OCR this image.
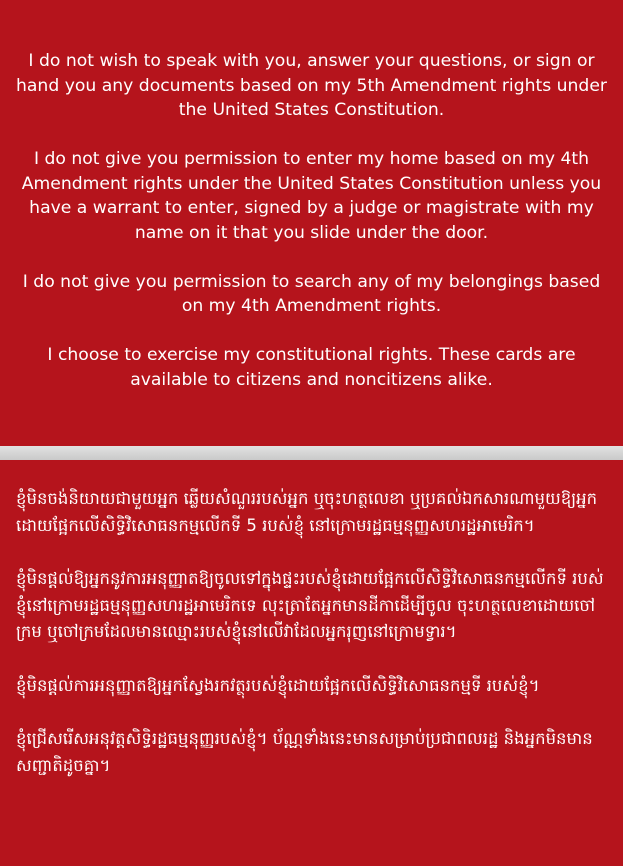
I do not wish to speak with you, answer your questions, or sign or hand you any documents based on my 5th Amendment rights under the United States Constitution.

I do not give you permission to enter my home based on my 4th Amendment rights under the United States Constitution unless you have a warrant to enter, signed by a judge or magistrate with my name on it that you slide under the door.

I do not give you permission to search any of my belongings based on my 4th Amendment rights.

I choose to exercise my constitutional rights. These cards are available to citizens and noncitizens alike.

ខ្ញុំមិនចង់និយាយជាមួយអ្នក ឆ្លើយសំណួររបស់អ្នក ឬចុះហត្ថលេខា ឬប្រគល់ឯកសារណាមួយឱ្យអ្នក ដោយផ្អែកលើសិទ្ធិវិសោធនកម្មលើកទី 5 របស់ខ្ញុំ នៅក្រោមរដ្ឋធម្មនុញ្ញសហរដ្ឋអាមេរិក។

ខ្ញុំមិនផ្តល់ឱ្យអ្នកនូវការអនុញ្ញាតឱ្យចូលទៅក្នុងផ្ទះរបស់ខ្ញុំដោយផ្អែកលើសិទ្ធិវិសោធនកម្មលើកទី របស់ខ្ញុំនៅក្រោមរដ្ឋធម្មនុញ្ញសហរដ្ឋអាមេរិកទេ លុះត្រាតែអ្នកមានដីកាដើម្បីចូល ចុះហត្ថលេខាដោយចៅក្រម ឬចៅក្រមដែលមានឈ្មោះរបស់ខ្ញុំនៅលើវាដែលអ្នករុញនៅក្រោមទ្វារ។

ខ្ញុំមិនផ្តល់ការអនុញ្ញាតឱ្យអ្នកស្វែងរកវត្ថុរបស់ខ្ញុំដោយផ្អែកលើសិទ្ធិវិសោធនកម្មទី របស់ខ្ញុំ។

ខ្ញុំជ្រើសរើសអនុវត្តសិទ្ធិរដ្ឋធម្មនុញ្ញរបស់ខ្ញុំ។ ប័ណ្ណទាំងនេះមានសម្រាប់ប្រជាពលរដ្ឋ និងអ្នកមិនមានសញ្ជាតិដូចគ្នា។
